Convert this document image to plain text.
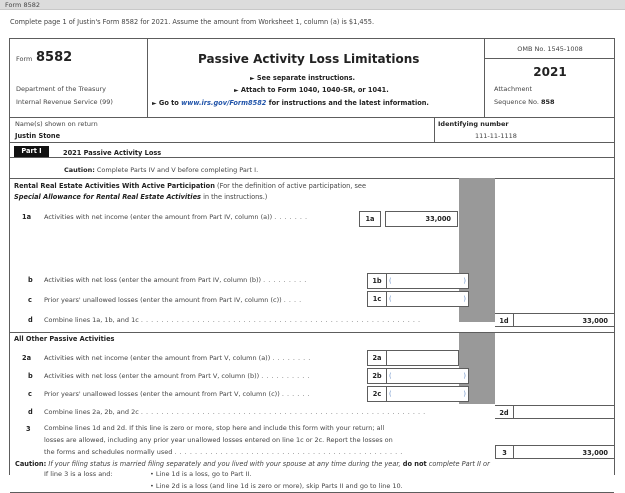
Form 8582
Complete page 1 of Justin's Form 8582 for 2021. Assume the amount from Worksheet 1, column (a) is $1,455.
Form 8582
Department of the Treasury
Internal Revenue Service (99)
Passive Activity Loss Limitations
► See separate instructions.
► Attach to Form 1040, 1040-SR, or 1041.
► Go to www.irs.gov/Form8582 for instructions and the latest information.
OMB No. 1545-1008
2021
Attachment
Sequence No. 858
Name(s) shown on return
Justin Stone
Identifying number
111-11-1118
Part I	2021 Passive Activity Loss
Caution: Complete Parts IV and V before completing Part I.
Rental Real Estate Activities With Active Participation (For the definition of active participation, see
Special Allowance for Rental Real Estate Activities in the instructions.)
1a Activities with net income (enter the amount from Part IV, column (a)) . . . . . . .	1a	33,000
b Activities with net loss (enter the amount from Part IV, column (b)) . . . . . . . . .	1b	(	)
c Prior years' unallowed losses (enter the amount from Part IV, column (c)) . . . .	1c	(	)
d Combine lines 1a, 1b, and 1c . . . . . . . . . . . . . . . . . . . . . . . . . . . . . . . . . . . . . . . . . . . . . . . . . . . . . . .	1d	33,000
All Other Passive Activities
2a Activities with net income (enter the amount from Part V, column (a)) . . . . . . . .	2a
b Activities with net loss (enter the amount from Part V, column (b)) . . . . . . . . . .	2b	(	)
c Prior years' unallowed losses (enter the amount from Part V, column (c)) . . . . . .	2c	(	)
d Combine lines 2a, 2b, and 2c . . . . . . . . . . . . . . . . . . . . . . . . . . . . . . . . . . . . . . . . . . . . . . . . . . . . . . . .	2d
3 Combine lines 1d and 2d. If this line is zero or more, stop here and include this form with your return; all
losses are allowed, including any prior year unallowed losses entered on line 1c or 2c. Report the losses on
the forms and schedules normally used . . . . . . . . . . . . . . . . . . . . . . . . . . . . . . . . . . . . . . . . . . . . .	3	33,000
If line 3 is a loss and:	• Line 1d is a loss, go to Part II.
• Line 2d is a loss (and line 1d is zero or more), skip Parts II and go to line 10.
Caution: If your filing status is married filing separately and you lived with your spouse at any time during the year, do not complete Part II or
